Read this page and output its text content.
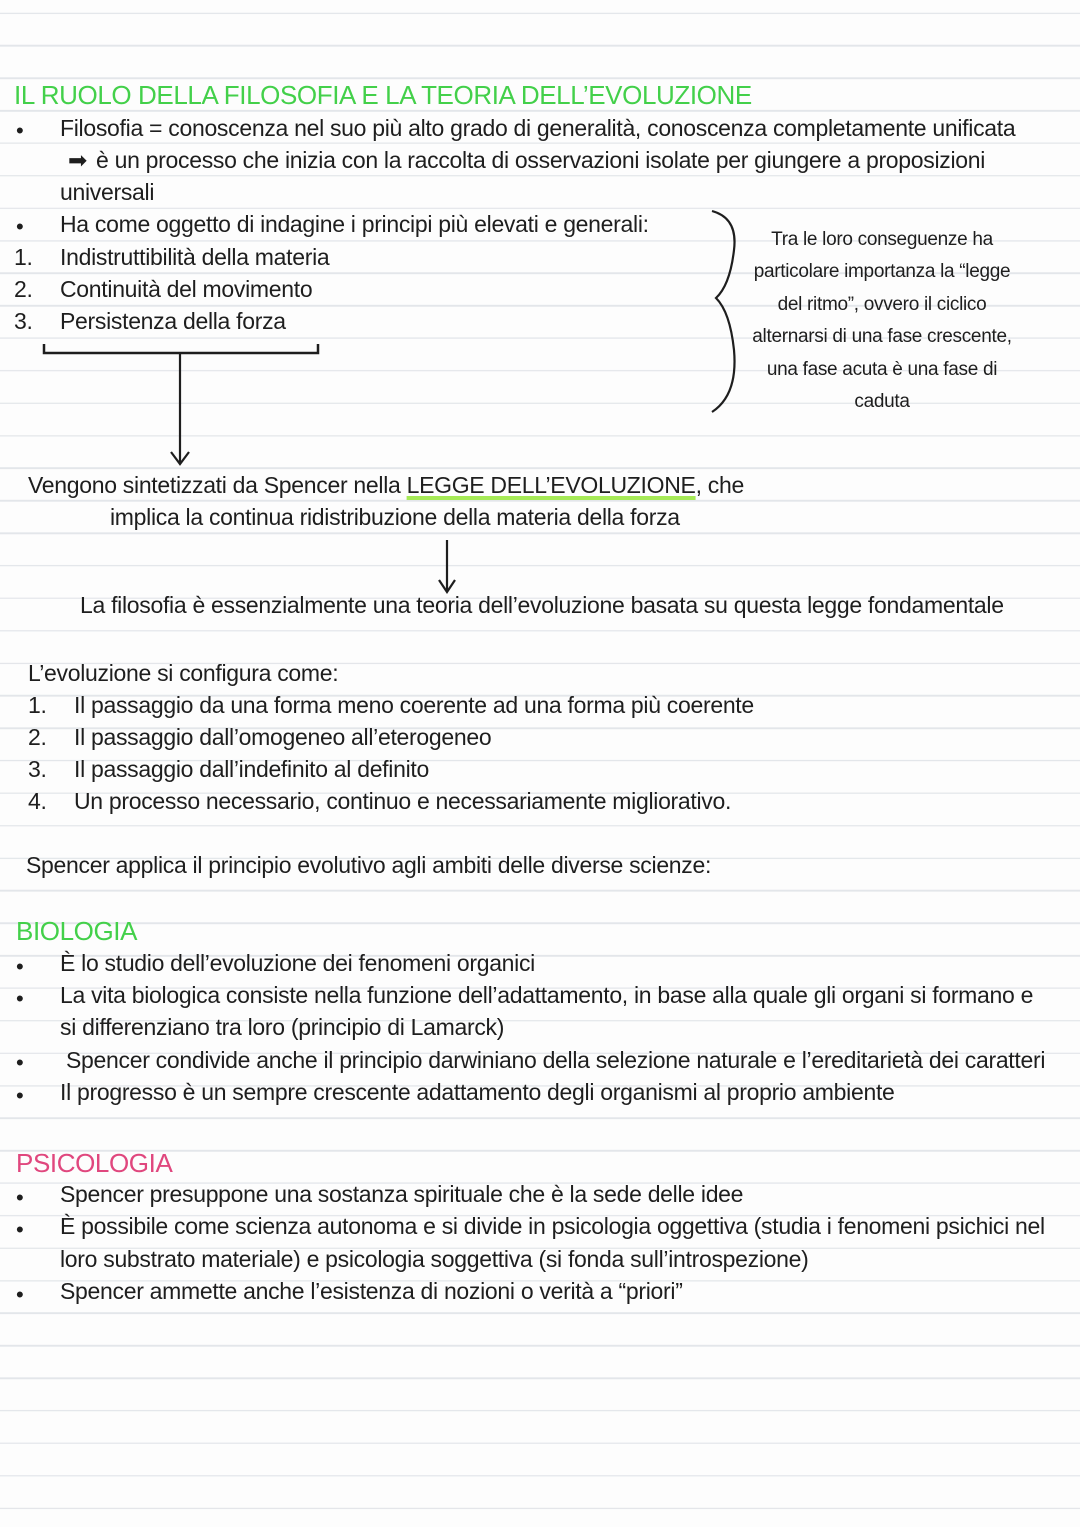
IL RUOLO DELLA FILOSOFIA E LA TEORIA DELL’EVOLUZIONE
• Filosofia = conoscenza nel suo più alto grado di generalità, conoscenza completamente unificata
➡ è un processo che inizia con la raccolta di osservazioni isolate per giungere a proposizioni
universali
• Ha come oggetto di indagine i principi più elevati e generali:
1. Indistruttibilità della materia
2. Continuità del movimento
3. Persistenza della forza
Tra le loro conseguenze ha particolare importanza la “legge del ritmo”, ovvero il ciclico alternarsi di una fase crescente, una fase acuta è una fase di caduta
Vengono sintetizzati da Spencer nella LEGGE DELL’EVOLUZIONE, che
implica la continua ridistribuzione della materia della forza
La filosofia è essenzialmente una teoria dell’evoluzione basata su questa legge fondamentale
L’evoluzione si configura come:
1. Il passaggio da una forma meno coerente ad una forma più coerente
2. Il passaggio dall’omogeneo all’eterogeneo
3. Il passaggio dall’indefinito al definito
4. Un processo necessario, continuo e necessariamente migliorativo.
Spencer applica il principio evolutivo agli ambiti delle diverse scienze:
BIOLOGIA
• È lo studio dell’evoluzione dei fenomeni organici
• La vita biologica consiste nella funzione dell’adattamento, in base alla quale gli organi si formano e
si differenziano tra loro (principio di Lamarck)
• Spencer condivide anche il principio darwiniano della selezione naturale e l’ereditarietà dei caratteri
• Il progresso è un sempre crescente adattamento degli organismi al proprio ambiente
PSICOLOGIA
• Spencer presuppone una sostanza spirituale che è la sede delle idee
• È possibile come scienza autonoma e si divide in psicologia oggettiva (studia i fenomeni psichici nel
loro substrato materiale) e psicologia soggettiva (si fonda sull’introspezione)
• Spencer ammette anche l’esistenza di nozioni o verità a “priori”
